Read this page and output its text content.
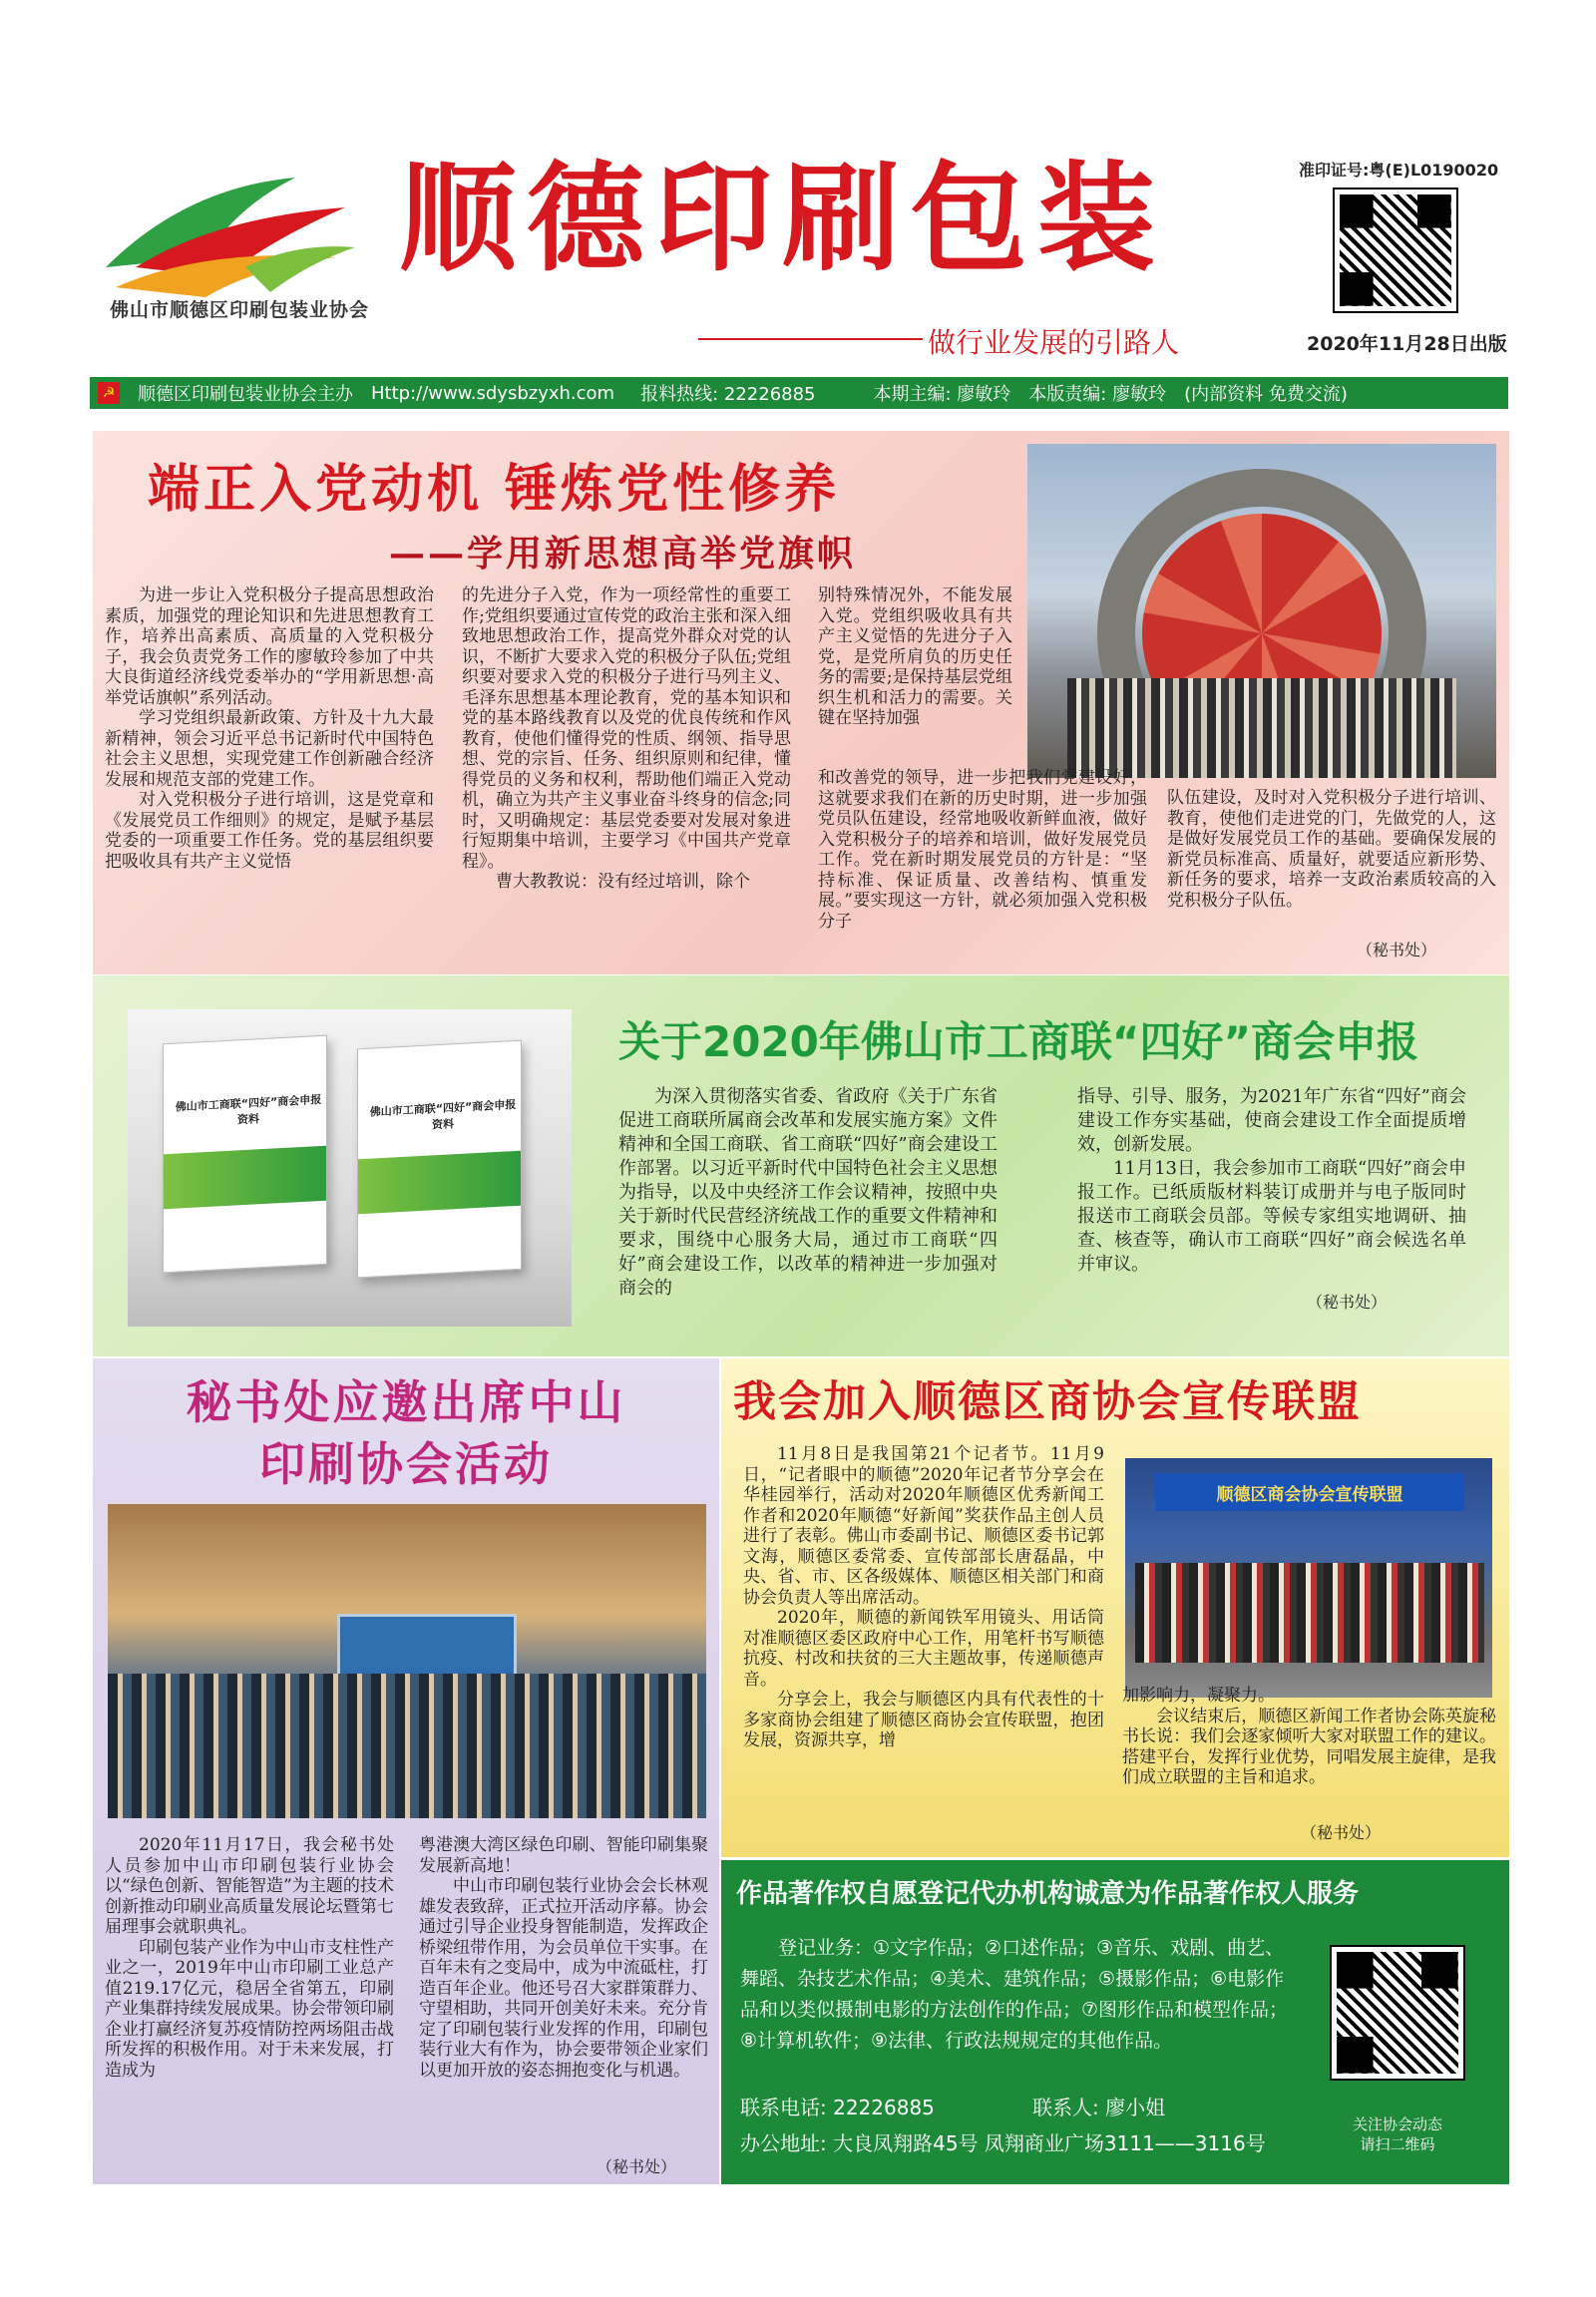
佛山市顺德区印刷包装业协会
顺德印刷包装
做行业发展的引路人
准印证号:粤(E)L0190020
2020年11月28日出版
☭ 顺德区印刷包装业协会主办 Http://www.sdysbzyxh.com 报料热线: 22226885	本期主编: 廖敏玲 本版责编: 廖敏玲 (内部资料 免费交流)
端正入党动机 锤炼党性修养
——学用新思想高举党旗帜

为进一步让入党积极分子提高思想政治素质，加强党的理论知识和先进思想教育工作，培养出高素质、高质量的入党积极分子，我会负责党务工作的廖敏玲参加了中共大良街道经济线党委举办的“学用新思想·高举党话旗帜”系列活动。

学习党组织最新政策、方针及十九大最新精神，领会习近平总书记新时代中国特色社会主义思想，实现党建工作创新融合经济发展和规范支部的党建工作。

对入党积极分子进行培训，这是党章和《发展党员工作细则》的规定，是赋予基层党委的一项重要工作任务。党的基层组织要把吸收具有共产主义觉悟

的先进分子入党，作为一项经常性的重要工作;党组织要通过宣传党的政治主张和深入细致地思想政治工作，提高党外群众对党的认识，不断扩大要求入党的积极分子队伍;党组织要对要求入党的积极分子进行马列主义、毛泽东思想基本理论教育，党的基本知识和党的基本路线教育以及党的优良传统和作风教育，使他们懂得党的性质、纲领、指导思想、党的宗旨、任务、组织原则和纪律，懂得党员的义务和权利，帮助他们端正入党动机，确立为共产主义事业奋斗终身的信念;同时，又明确规定：基层党委要对发展对象进行短期集中培训，主要学习《中国共产党章程》。

曹大教教说：没有经过培训，除个

别特殊情况外，不能发展入党。党组织吸收具有共产主义觉悟的先进分子入党，是党所肩负的历史任务的需要;是保持基层党组织生机和活力的需要。关键在坚持加强

和改善党的领导，进一步把我们党建设好，这就要求我们在新的历史时期，进一步加强党员队伍建设，经常地吸收新鲜血液，做好入党积极分子的培养和培训，做好发展党员工作。党在新时期发展党员的方针是：“坚持标准、保证质量、改善结构、慎重发展。”要实现这一方针，就必须加强入党积极分子

队伍建设，及时对入党积极分子进行培训、教育，使他们走进党的门，先做党的人，这是做好发展党员工作的基础。要确保发展的新党员标准高、质量好，就要适应新形势、新任务的要求，培养一支政治素质较高的入党积极分子队伍。

（秘书处）
佛山市工商联“四好”商会申报资料
佛山市工商联“四好”商会申报资料
关于2020年佛山市工商联“四好”商会申报

为深入贯彻落实省委、省政府《关于广东省促进工商联所属商会改革和发展实施方案》文件精神和全国工商联、省工商联“四好”商会建设工作部署。以习近平新时代中国特色社会主义思想为指导，以及中央经济工作会议精神，按照中央关于新时代民营经济统战工作的重要文件精神和要求，围绕中心服务大局，通过市工商联“四好”商会建设工作，以改革的精神进一步加强对商会的

指导、引导、服务，为2021年广东省“四好”商会建设工作夯实基础，使商会建设工作全面提质增效，创新发展。

11月13日，我会参加市工商联“四好”商会申报工作。已纸质版材料装订成册并与电子版同时报送市工商联会员部。等候专家组实地调研、抽查、核查等，确认市工商联“四好”商会候选名单并审议。

（秘书处）
秘书处应邀出席中山
印刷协会活动

2020年11月17日，我会秘书处人员参加中山市印刷包装行业协会以“绿色创新、智能智造”为主题的技术创新推动印刷业高质量发展论坛暨第七届理事会就职典礼。

印刷包装产业作为中山市支柱性产业之一，2019年中山市印刷工业总产值219.17亿元，稳居全省第五，印刷产业集群持续发展成果。协会带领印刷企业打赢经济复苏疫情防控两场阻击战所发挥的积极作用。对于未来发展，打造成为

粤港澳大湾区绿色印刷、智能印刷集聚发展新高地！

中山市印刷包装行业协会会长林观雄发表致辞，正式拉开活动序幕。协会通过引导企业投身智能制造，发挥政企桥梁纽带作用，为会员单位干实事。在百年未有之变局中，成为中流砥柱，打造百年企业。他还号召大家群策群力、守望相助，共同开创美好未来。充分肯定了印刷包装行业发挥的作用，印刷包装行业大有作为，协会要带领企业家们以更加开放的姿态拥抱变化与机遇。

（秘书处）
我会加入顺德区商协会宣传联盟

11月8日是我国第21个记者节。11月9日，“记者眼中的顺德”2020年记者节分享会在华桂园举行，活动对2020年顺德区优秀新闻工作者和2020年顺德“好新闻”奖获作品主创人员进行了表彰。佛山市委副书记、顺德区委书记郭文海，顺德区委常委、宣传部部长唐磊晶，中央、省、市、区各级媒体、顺德区相关部门和商协会负责人等出席活动。

2020年，顺德的新闻铁军用镜头、用话筒对准顺德区委区政府中心工作，用笔杆书写顺德抗疫、村改和扶贫的三大主题故事，传递顺德声音。

分享会上，我会与顺德区内具有代表性的十多家商协会组建了顺德区商协会宣传联盟，抱团发展，资源共享，增

顺德区商会协会宣传联盟

加影响力，凝聚力。

会议结束后，顺德区新闻工作者协会陈英旋秘书长说：我们会逐家倾听大家对联盟工作的建议。搭建平台，发挥行业优势，同唱发展主旋律，是我们成立联盟的主旨和追求。

（秘书处）
作品著作权自愿登记代办机构诚意为作品著作权人服务
登记业务：①文字作品；②口述作品；③音乐、戏剧、曲艺、舞蹈、杂技艺术作品；④美术、建筑作品；⑤摄影作品；⑥电影作品和以类似摄制电影的方法创作的作品；⑦图形作品和模型作品；⑧计算机软件；⑨法律、行政法规规定的其他作品。
联系电话: 22226885	联系人: 廖小姐
办公地址: 大良凤翔路45号 凤翔商业广场3111——3116号
关注协会动态
请扫二维码
